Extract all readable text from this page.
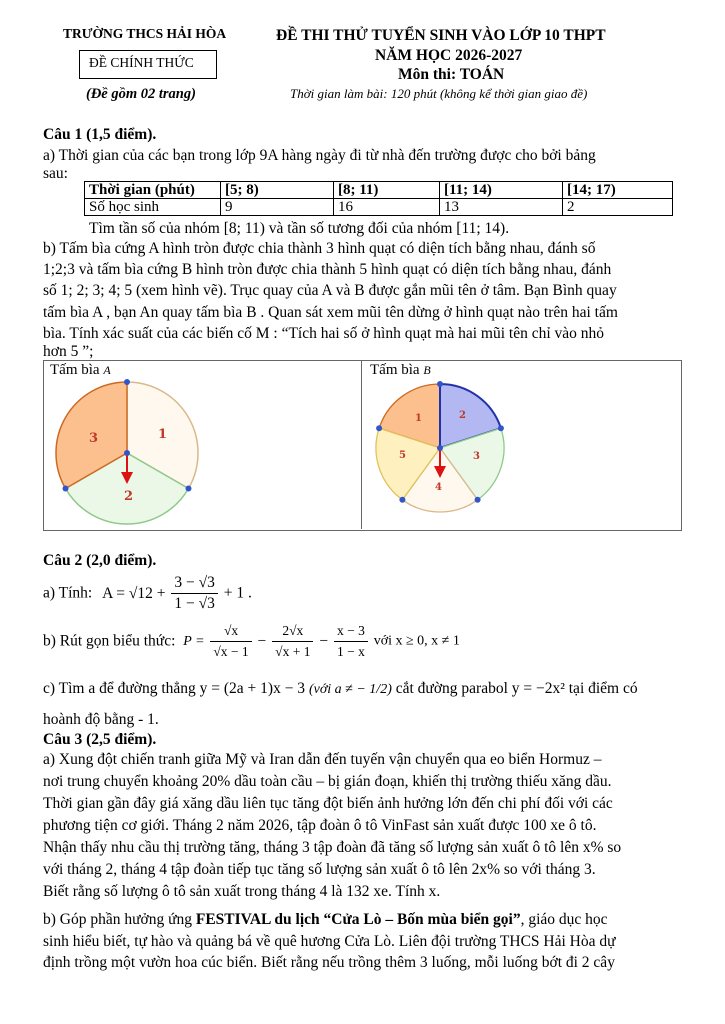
TRƯỜNG THCS HẢI HÒA
ĐỀ CHÍNH THỨC
(Đề gồm 02 trang)
ĐỀ THI THỬ TUYỂN SINH VÀO LỚP 10 THPT
NĂM HỌC 2026-2027
Môn thi: TOÁN
Thời gian làm bài: 120 phút (không kể thời gian giao đề)
Câu 1 (1,5 điểm).
a) Thời gian của các bạn trong lớp 9A hàng ngày đi từ nhà đến trường được cho bởi bảng
sau:
Thời gian (phút)	[5; 8)	[8; 11)	[11; 14)	[14; 17)
Số học sinh	9	16	13	2
Tìm tần số của nhóm [8; 11) và tần số tương đối của nhóm [11; 14).
b) Tấm bìa cứng A hình tròn được chia thành 3 hình quạt có diện tích bằng nhau, đánh số
1;2;3 và tấm bìa cứng B hình tròn được chia thành 5 hình quạt có diện tích bằng nhau, đánh
số 1; 2; 3; 4; 5 (xem hình vẽ). Trục quay của A và B được gắn mũi tên ở tâm. Bạn Bình quay
tấm bìa A , bạn An quay tấm bìa B . Quan sát xem mũi tên dừng ở hình quạt nào trên hai tấm
bìa. Tính xác suất của các biến cố M : “Tích hai số ở hình quạt mà hai mũi tên chỉ vào nhỏ
hơn 5 ”;
Tấm bìa A	Tấm bìa B
1
2
3
1	2
3
4
5
Câu 2 (2,0 điểm).
a) Tính: $A = √12 + \frac{3 - √3}{1 - √3} + 1$ .
b) Rút gọn biểu thức: $P = \frac{√x}{√x - 1} - \frac{2√x}{√x + 1} - \frac{x - 3}{1 - x}$ với x ≥ 0, x ≠ 1
c) Tìm a để đường thẳng y = (2a + 1)x − 3 (với a ≠ − 1/2) cắt đường parabol y = −2x² tại điểm có
hoành độ bằng - 1.
Câu 3 (2,5 điểm).
a) Xung đột chiến tranh giữa Mỹ và Iran dẫn đến tuyến vận chuyển qua eo biển Hormuz –
nơi trung chuyển khoảng 20% dầu toàn cầu – bị gián đoạn, khiến thị trường thiếu xăng dầu.
Thời gian gần đây giá xăng dầu liên tục tăng đột biến ảnh hưởng lớn đến chi phí đối với các
phương tiện cơ giới. Tháng 2 năm 2026, tập đoàn ô tô VinFast sản xuất được 100 xe ô tô.
Nhận thấy nhu cầu thị trường tăng, tháng 3 tập đoàn đã tăng số lượng sản xuất ô tô lên x% so
với tháng 2, tháng 4 tập đoàn tiếp tục tăng số lượng sản xuất ô tô lên 2x% so với tháng 3.
Biết rằng số lượng ô tô sản xuất trong tháng 4 là 132 xe. Tính x.
b) Góp phần hưởng ứng FESTIVAL du lịch “Cửa Lò – Bốn mùa biển gọi”, giáo dục học
sinh hiểu biết, tự hào và quảng bá về quê hương Cửa Lò. Liên đội trường THCS Hải Hòa dự
định trồng một vườn hoa cúc biển. Biết rằng nếu trồng thêm 3 luống, mỗi luống bớt đi 2 cây
